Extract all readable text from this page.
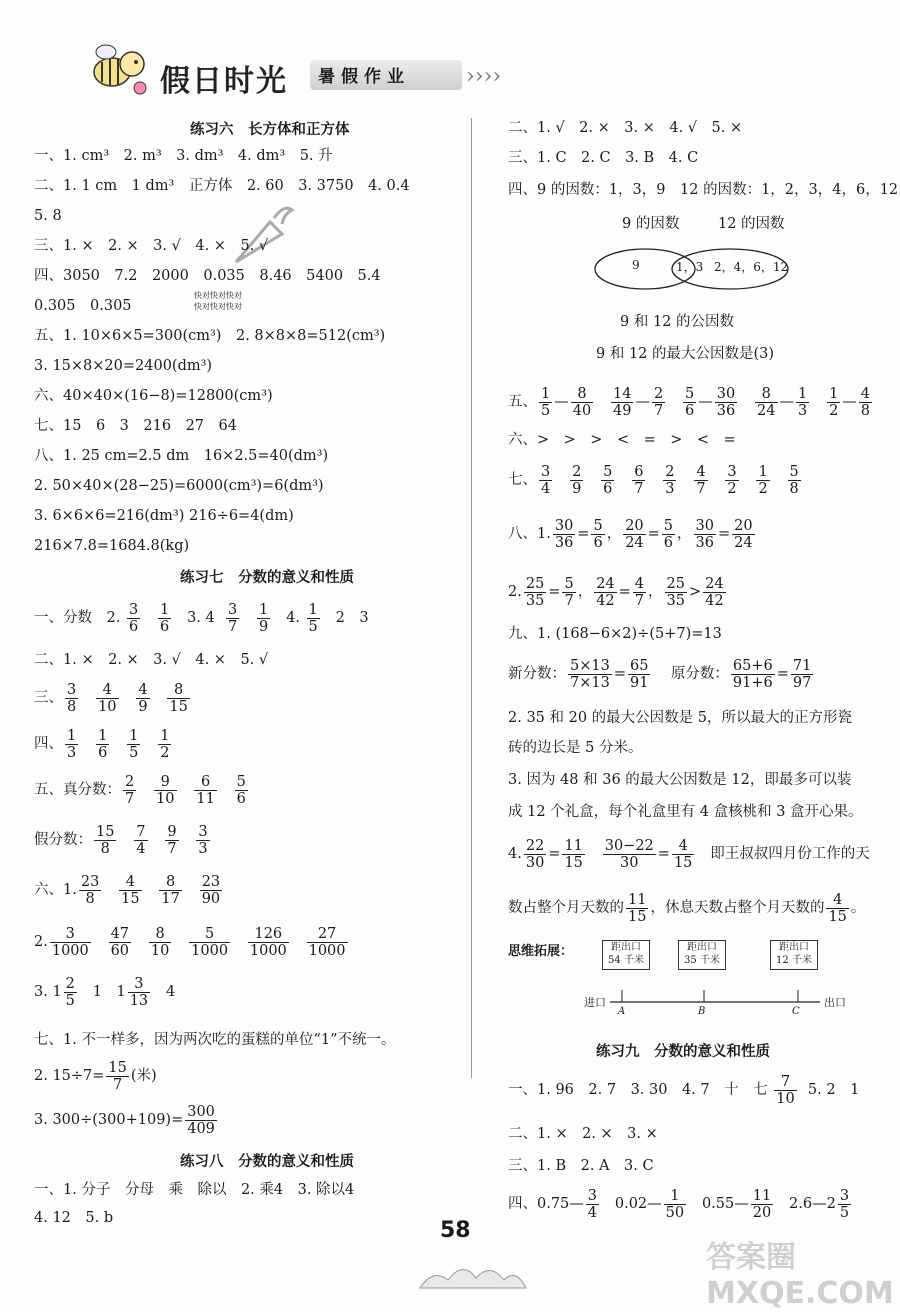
假日时光 暑假作业	››››
练习六　长方体和正方体
一、1. cm³　2. m³　3. dm³　4. dm³　5. 升
二、1. 1 cm　1 dm³　正方体　2. 60　3. 3750　4. 0.4
5. 8
三、1. ×　2. ×　3. √　4. ×　5. √
四、3050　7.2　2000　0.035　8.46　5400　5.4
0.305　0.305
快对快对快对
快对快对快对
五、1. 10×6×5=300(cm³)　2. 8×8×8=512(cm³)
3. 15×8×20=2400(dm³)
六、40×40×(16−8)=12800(cm³)
七、15　6　3　216　27　64
八、1. 25 cm=2.5 dm　16×2.5=40(dm³)
2. 50×40×(28−25)=6000(cm³)=6(dm³)
3. 6×6×6=216(dm³) 216÷6=4(dm)
216×7.8=1684.8(kg)
练习七　分数的意义和性质
一、分数　2. $\frac{3}{6}$
$\frac{1}{6} 3$. $4 \frac{3}{7}$
$\frac{1}{9} 4$. $\frac{1}{5} 2$　3
二、1. ×　2. ×　3. √　4. ×　5. √
三、 $\frac{3}{8}$
$\frac{4}{10}$
$\frac{4}{9}$
$\frac{8}{15}$

四、 $\frac{1}{3}$
$\frac{1}{6}$
$\frac{1}{5}$
$\frac{1}{2}$

五、真分数： $\frac{2}{7}$
$\frac{9}{10}$
$\frac{6}{11}$
$\frac{5}{6}$

假分数： $\frac{15}{8}$
$\frac{7}{4}$
$\frac{9}{7}$
$\frac{3}{3}$

六、1. $\frac{23}{8}$
$\frac{4}{15}$
$\frac{8}{17}$
$\frac{23}{90}$

2. $\frac{3}{1000}$
$\frac{47}{60}$
$\frac{8}{10}$
$\frac{5}{1000}$
$\frac{126}{1000}$
$\frac{27}{1000}$

3. $1 \frac{2}{5} 1$　$1 \frac{3}{13} 4$
七、1. 不一样多，因为两次吃的蛋糕的单位“1”不统一。
2. $15\div 7= \frac{15}{7}$ (米)
3. $300\div(300+109)= \frac{300}{409}$
练习八　分数的意义和性质
一、1. 分子　分母　乘　除以　2. 乘4　3. 除以4
4. 12　5. b
二、1. √　2. ×　3. ×　4. √　5. ×
三、1. C　2. C　3. B　4. C
四、9 的因数：1，3，9　12 的因数：1，2，3，4，6，12
9 的因数	12 的因数
9	1，3 2，4，6，12
9 和 12 的公因数
9 和 12 的最大公因数是(3)
五、 $\frac{1}{5}$ — $\frac{8}{40}$
$\frac{14}{49}$ — $\frac{2}{7}$
$\frac{5}{6}$ — $\frac{30}{36}$
$\frac{8}{24}$ — $\frac{1}{3}$
$\frac{1}{2}$ — $\frac{4}{8}$

六、>　>　>　<　=　>　<　=
七、 $\frac{3}{4}$
$\frac{2}{9}$
$\frac{5}{6}$
$\frac{6}{7}$
$\frac{2}{3}$
$\frac{4}{7}$
$\frac{3}{2}$
$\frac{1}{2}$
$\frac{5}{8}$

八、1. $\frac{30}{36} = \frac{5}{6}$ ， $\frac{20}{24} = \frac{5}{6}$ ， $\frac{30}{36} = \frac{20}{24}$
2. $\frac{25}{35} = \frac{5}{7}$ ， $\frac{24}{42} = \frac{4}{7}$ ， $\frac{25}{35} > \frac{24}{42}$
九、1. (168−6×2)÷(5+7)=13
新分数： $\frac{5\times 13}{7\times 13} = \frac{65}{91}$ 原分数： $\frac{65+6}{91+6} = \frac{71}{97}$
2. 35 和 20 的最大公因数是 5，所以最大的正方形瓷
砖的边长是 5 分米。
3. 因为 48 和 36 的最大公因数是 12，即最多可以装
成 12 个礼盒，每个礼盒里有 4 盒核桃和 3 盒开心果。
4. $\frac{22}{30} = \frac{11}{15}$
$\frac{30-22}{30} = \frac{4}{15}$ 即王叔叔四月份工作的天
数占整个月天数的 $\frac{11}{15}$ ，休息天数占整个月天数的 $\frac{4}{15}$ 。
思维拓展：	距出口
54 千米
距出口
35 千米
距出口
12 千米
进口	出口
A	B	C
练习九　分数的意义和性质
一、1. 96　2. 7　3. 30　4. 7　十　七 $\frac{7}{10} 5$. 2　1
二、1. ×　2. ×　3. ×
三、1. B　2. A　3. C
四、0.75— $\frac{3}{4}$ 0.02— $\frac{1}{50}$ 0.55— $\frac{11}{20}$ 2.6—2 $\frac{3}{5}$
58
答案圈 MXQE.COM
